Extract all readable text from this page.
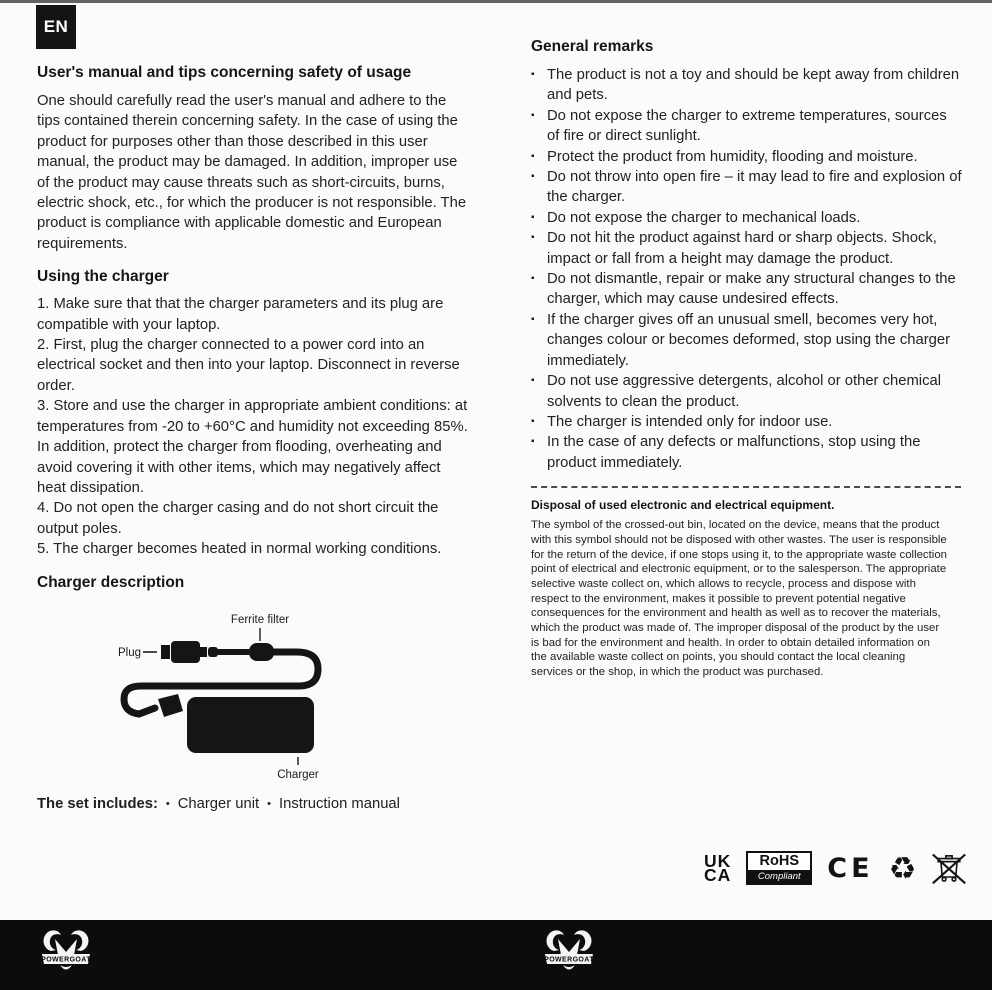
EN
User's manual and tips concerning safety of usage

One should carefully read the user's manual and adhere to the tips contained therein concerning safety. In the case of using the product for purposes other than those described in this user manual, the product may be damaged. In addition, improper use of the product may cause threats such as short-circuits, burns, electric shock, etc., for which the producer is not responsible. The product is compliance with applicable domestic and European requirements.

Using the charger

1. Make sure that that the charger parameters and its plug are compatible with your laptop.

2. First, plug the charger connected to a power cord into an electrical socket and then into your laptop. Disconnect in reverse order.

3. Store and use the charger in appropriate ambient conditions: at temperatures from -20 to +60°C and humidity not exceeding 85%. In addition, protect the charger from flooding, overheating and avoid covering it with other items, which may negatively affect heat dissipation.

4. Do not open the charger casing and do not short circuit the output poles.

5. The charger becomes heated in normal working conditions.

Charger description
Ferrite filter
Plug
Charger
The set includes: • Charger unit • Instruction manual
General remarks
▪ The product is not a toy and should be kept away from children and pets.
▪ Do not expose the charger to extreme temperatures, sources of fire or direct sunlight.
▪ Protect the product from humidity, flooding and moisture.
▪ Do not throw into open fire – it may lead to fire and explosion of the charger.
▪ Do not expose the charger to mechanical loads.
▪ Do not hit the product against hard or sharp objects. Shock, impact or fall from a height may damage the product.
▪ Do not dismantle, repair or make any structural changes to the charger, which may cause undesired effects.
▪ If the charger gives off an unusual smell, becomes very hot, changes colour or becomes deformed, stop using the charger immediately.
▪ Do not use aggressive detergents, alcohol or other chemical solvents to clean the product.
▪ The charger is intended only for indoor use.
▪ In the case of any defects or malfunctions, stop using the product immediately.
Disposal of used electronic and electrical equipment.

The symbol of the crossed-out bin, located on the device, means that the product with this symbol should not be disposed with other wastes. The user is responsible for the return of the device, if one stops using it, to the appropriate waste collection point of electrical and electronic equipment, or to the salesperson. The appropriate selective waste collect on, which allows to recycle, process and dispose with respect to the environment, makes it possible to prevent potential negative consequences for the environment and health as well as to recover the materials, which the product was made of. The improper disposal of the product by the user is bad for the environment and health. In order to obtain detailed information on the available waste collect on points, you should contact the local cleaning services or the shop, in which the product was purchased.

UK
CA
RoHS
Compliant CE ♻
POWERGOAT	POWERGOAT
